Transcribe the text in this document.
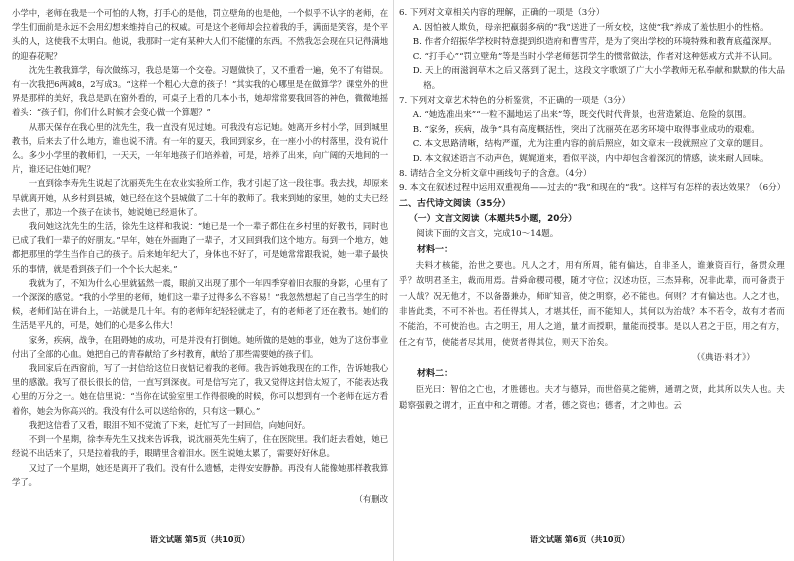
小学中，老师在我是一个可怕的人物，打手心的是他，罚立壁角的也是他，一个似乎不认字的老师，在学生们面前是永远不会用幻想来维持自己的权威。可是这个老师却会拉着我的手，满面是笑容，是个平头的人，这使我不太明白。他说，我那时一定有某种大人们不能懂的东西。不然我怎会现在只记得满地的迎春花呢？

沈先生教我算学，每次做练习，我总是第一个交卷。习题做快了，又不重看一遍，免不了有错误。有一次我把6两减8，2写成3。“这样一个粗心大意的孩子！”其实我的心哪里是在做算学？课堂外的世界是那样的美好，我总是趴在窗外看的，可桌子上看的几本小书，她却常常要我回答的神色，微微地摇着头：“孩子们，你们什么时候才会变心做一个算题？”

从那天保存在我心里的沈先生，我一直没有见过她。可我没有忘记她。她离开乡村小学，回到城里教书，后来去了什么地方，谁也说不清。有一年的夏天，我回到家乡，在一座小小的村落里，没有说什么。多少小学里的教师们，一天天，一年年地孩子们培养着，可是，培养了出来，向广阔的天地间的一片，谁还记住她们呢？

一直到徐李寿先生说起了沈丽英先生在农业实验所工作，我才引起了这一段往事。我去找，却原来早就离开她，从乡村到县城，她已经在这个县城做了二十年的教师了。我来到她的家里，她的丈夫已经去世了，那边一个孩子在读书，她说她已经退休了。

我问她这沈先生的生活，徐先生这样和我说：“她已是一个一辈子都住在乡村里的好教书，同时也已成了我们一辈子的好朋友。”早年，她在外面跑了一辈子，才又回到我们这个地方。每到一个地方，她都把那里的学生当作自己的孩子。后来她年纪大了，身体也不好了，可是她常常跟我说，她一辈子最快乐的事情，就是看到孩子们一个个长大起来。”

我就为了，不知为什么心里就猛然一震，眼前又出现了那个一年四季穿着旧衣服的身影，心里有了一个深深的感觉。“我的小学里的老师，她们这一辈子过得多么不容易！”我忽然想起了自己当学生的时候，老师们站在讲台上，一站就是几十年。有的老师年纪轻轻就走了，有的老师老了还在教书。她们的生活是平凡的，可是，她们的心是多么伟大！

家务，疾病，战争，在阻碍她的成功，可是并没有打倒她。她所做的是她的事业，她为了这份事业付出了全部的心血。她把自己的青春献给了乡村教育，献给了那些需要她的孩子们。

我回家后在西窗前，写了一封信给这位日夜惦记着我的老师。我告诉她我现在的工作，告诉她我心里的感激。我写了很长很长的信，一直写到深夜。可是信写完了，我又觉得这封信太短了，不能表达我心里的万分之一。她在信里说：“当你在试验室里工作得很晚的时候，你可以想到有一个老师在远方看着你，她会为你高兴的。我没有什么可以送给你的，只有这一颗心。”

我把这信看了又看，眼泪不知不觉流了下来，赶忙写了一封回信，向她问好。

不到一个星期，徐李寿先生又找来告诉我，说沈丽英先生病了，住在医院里。我们赶去看她，她已经说不出话来了，只是拉着我的手，眼睛里含着泪水。医生说她太累了，需要好好休息。

又过了一个星期，她还是离开了我们。没有什么遗憾，走得安安静静。再没有人能像她那样教我算学了。

（有删改

语文试题 第5页（共10页）

6. 下列对文章相关内容的理解，正确的一项是（3分）

A. 因怕被人欺负，母亲把羸弱多病的“我”送进了一所女校，这使“我”养成了羞怯胆小的性格。

B. 作者介绍振华学校时特意提到织造府和曹雪芹，是为了突出学校的环境特殊和教育底蕴深厚。

C. “打手心”“罚立壁角”等是当时小学老师惩罚学生的惯常做法，作者对这种惩戒方式并不认同。

D. 天上的雨滋润草木之后又落到了泥土，这段文字歌颂了广大小学教师无私奉献和默默的伟大品格。

7. 下列对文章艺术特色的分析鉴赏，不正确的一项是（3分）

A. “她选准出来”“一粒不漏地运了出来”等，既交代时代背景，也营造紧迫、危险的氛围。

B. “家务，疾病，战争”具有高度概括性，突出了沈丽英在恶劣环境中取得事业成功的艰难。

C. 本文思路清晰，结构严谨，尤为注重内容的前后照应，如文章末一段就照应了文章的题目。

D. 本文叙述语言不动声色，娓娓道来，看似平淡，内中却包含着深沉的情感，读来耐人回味。

8. 请结合全文分析文章中画线句子的含意。（4分）

9. 本文在叙述过程中运用双重视角——过去的“我”和现在的“我”。这样写有怎样的表达效果？（6分）

二、古代诗文阅读（35分）

（一）文言文阅读（本题共5小题，20分）

阅读下面的文言文，完成10～14题。

材料一：

夫料才核能，治世之要也。凡人之才，用有所周，能有偏达，自非圣人，谁兼资百行，备贯众理乎？故明君圣主，裁而用焉。昔舜命稷司稷，随才守位；汉述功臣，三杰异称，况非此辈，而可备责于一人哉？况无他才，不以备器兼办，师旷知音，使之明察，必不能也。何则？才有偏达也。人之才也，非皆此类，不可不补也。若任得其人，才堪其任，而不能知人，其何以为治哉？本不若令，故有才者而不能治，不可使治也。古之明王，用人之道，量才而授职，量能而授事。是以人君之于臣，用之有方，任之有节，使能者尽其用，使贤者得其位，则天下治矣。

（《典语·料才》）

材料二：

臣光曰：智伯之亡也，才胜德也。夫才与德异，而世俗莫之能辨，通谓之贤，此其所以失人也。夫聪察强毅之谓才，正直中和之谓德。才者，德之资也；德者，才之帅也。云

语文试题 第6页（共10页）
